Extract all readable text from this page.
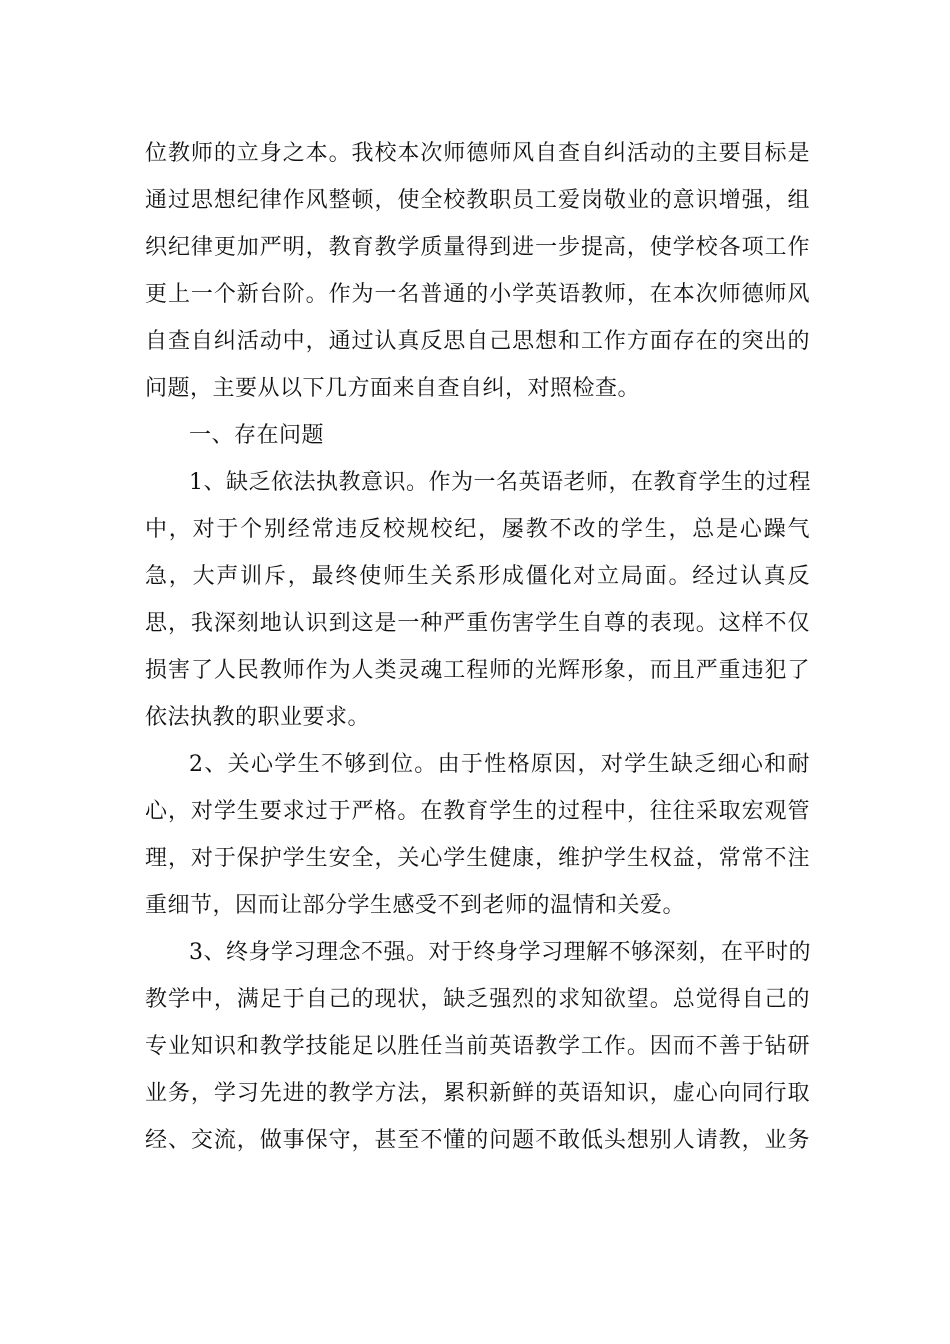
位教师的立身之本。我校本次师德师风自查自纠活动的主要目标是
通过思想纪律作风整顿，使全校教职员工爱岗敬业的意识增强，组
织纪律更加严明，教育教学质量得到进一步提高，使学校各项工作
更上一个新台阶。作为一名普通的小学英语教师，在本次师德师风
自查自纠活动中，通过认真反思自己思想和工作方面存在的突出的
问题，主要从以下几方面来自查自纠，对照检查。
一、存在问题
1、缺乏依法执教意识。作为一名英语老师，在教育学生的过程
中，对于个别经常违反校规校纪，屡教不改的学生，总是心躁气
急，大声训斥，最终使师生关系形成僵化对立局面。经过认真反
思，我深刻地认识到这是一种严重伤害学生自尊的表现。这样不仅
损害了人民教师作为人类灵魂工程师的光辉形象，而且严重违犯了
依法执教的职业要求。
2、关心学生不够到位。由于性格原因，对学生缺乏细心和耐
心，对学生要求过于严格。在教育学生的过程中，往往采取宏观管
理，对于保护学生安全，关心学生健康，维护学生权益，常常不注
重细节，因而让部分学生感受不到老师的温情和关爱。
3、终身学习理念不强。对于终身学习理解不够深刻，在平时的
教学中，满足于自己的现状，缺乏强烈的求知欲望。总觉得自己的
专业知识和教学技能足以胜任当前英语教学工作。因而不善于钻研
业务，学习先进的教学方法，累积新鲜的英语知识，虚心向同行取
经、交流，做事保守，甚至不懂的问题不敢低头想别人请教，业务
